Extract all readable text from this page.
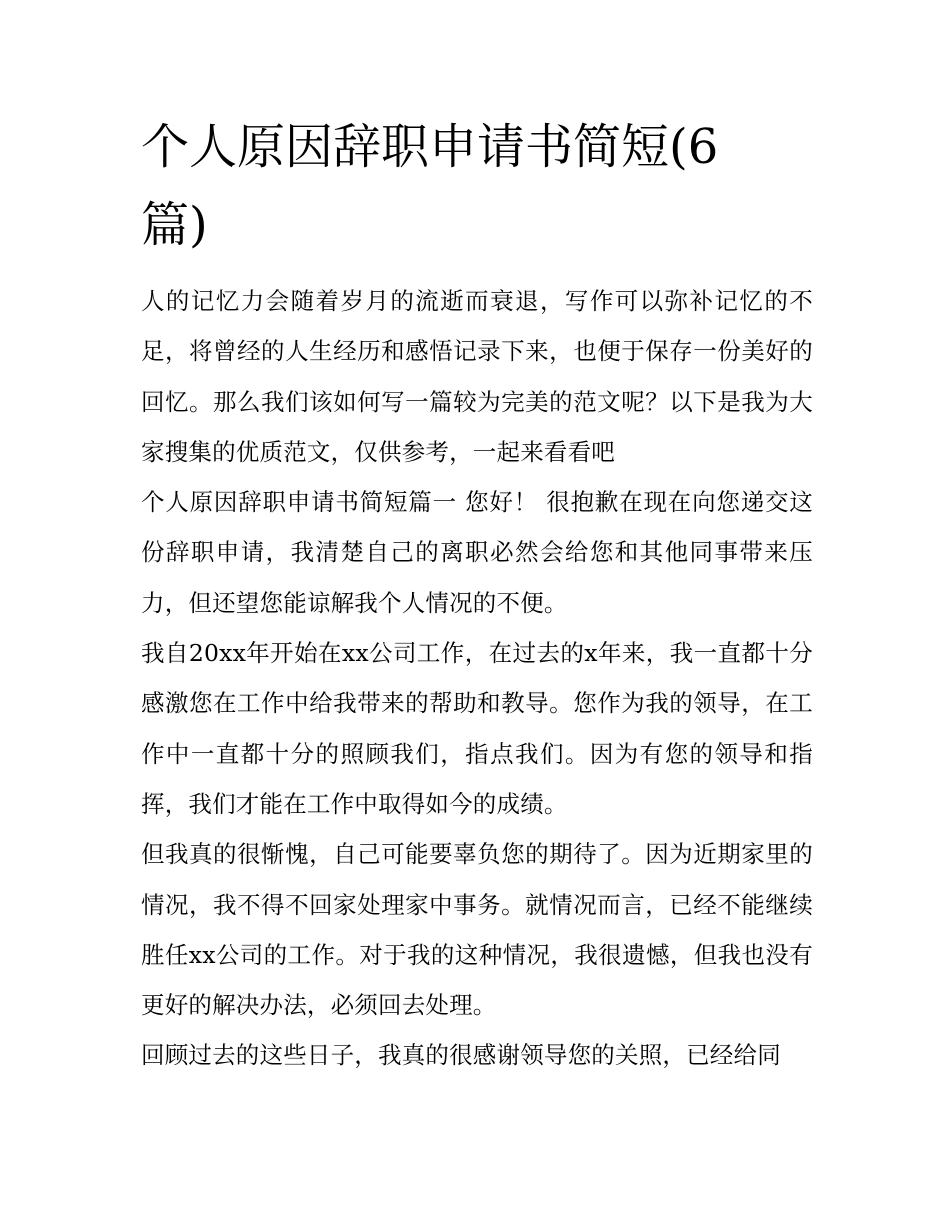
个人原因辞职申请书简短(6篇)

人的记忆力会随着岁月的流逝而衰退，写作可以弥补记忆的不足，将曾经的人生经历和感悟记录下来，也便于保存一份美好的回忆。那么我们该如何写一篇较为完美的范文呢？以下是我为大家搜集的优质范文，仅供参考，一起来看看吧

个人原因辞职申请书简短篇一 您好！ 很抱歉在现在向您递交这份辞职申请，我清楚自己的离职必然会给您和其他同事带来压力，但还望您能谅解我个人情况的不便。

我自20xx年开始在xx公司工作，在过去的x年来，我一直都十分感激您在工作中给我带来的帮助和教导。您作为我的领导，在工作中一直都十分的照顾我们，指点我们。因为有您的领导和指挥，我们才能在工作中取得如今的成绩。

但我真的很惭愧，自己可能要辜负您的期待了。因为近期家里的情况，我不得不回家处理家中事务。就情况而言，已经不能继续胜任xx公司的工作。对于我的这种情况，我很遗憾，但我也没有更好的解决办法，必须回去处理。

回顾过去的这些日子，我真的很感谢领导您的关照，已经给同
